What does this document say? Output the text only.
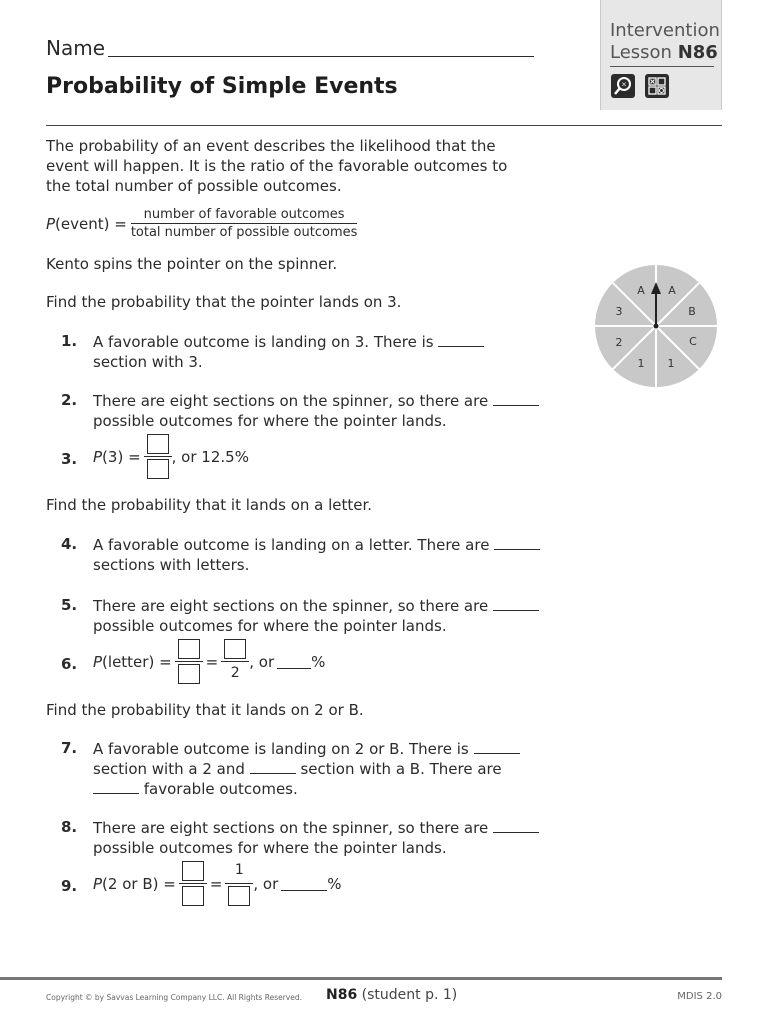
Name
Probability of Simple Events
Intervention
Lesson N86
×
The probability of an event describes the likelihood that the event will happen. It is the ratio of the favorable outcomes to the total number of possible outcomes.
P (event) =
number of favorable outcomes
total number of possible outcomes
Kento spins the pointer on the spinner.
A
B
C
1
1
2
3
A
Find the probability that the pointer lands on 3.
1. A favorable outcome is landing on 3. There is
section with 3.
2. There are eight sections on the spinner, so there are
possible outcomes for where the pointer lands.
3. P (3) = , or 12.5%
Find the probability that it lands on a letter.
4. A favorable outcome is landing on a letter. There are
sections with letters.
5. There are eight sections on the spinner, so there are
possible outcomes for where the pointer lands.
6. P (letter) = =
2
, or %
Find the probability that it lands on 2 or B.
7. A favorable outcome is landing on 2 or B. There is
section with a 2 and	section with a B. There are
favorable outcomes.
8. There are eight sections on the spinner, so there are
possible outcomes for where the pointer lands.
9. P (2 or B) = =
1
, or	%
Copyright © by Savvas Learning Company LLC. All Rights Reserved. N86 (student p. 1)	MDIS 2.0
